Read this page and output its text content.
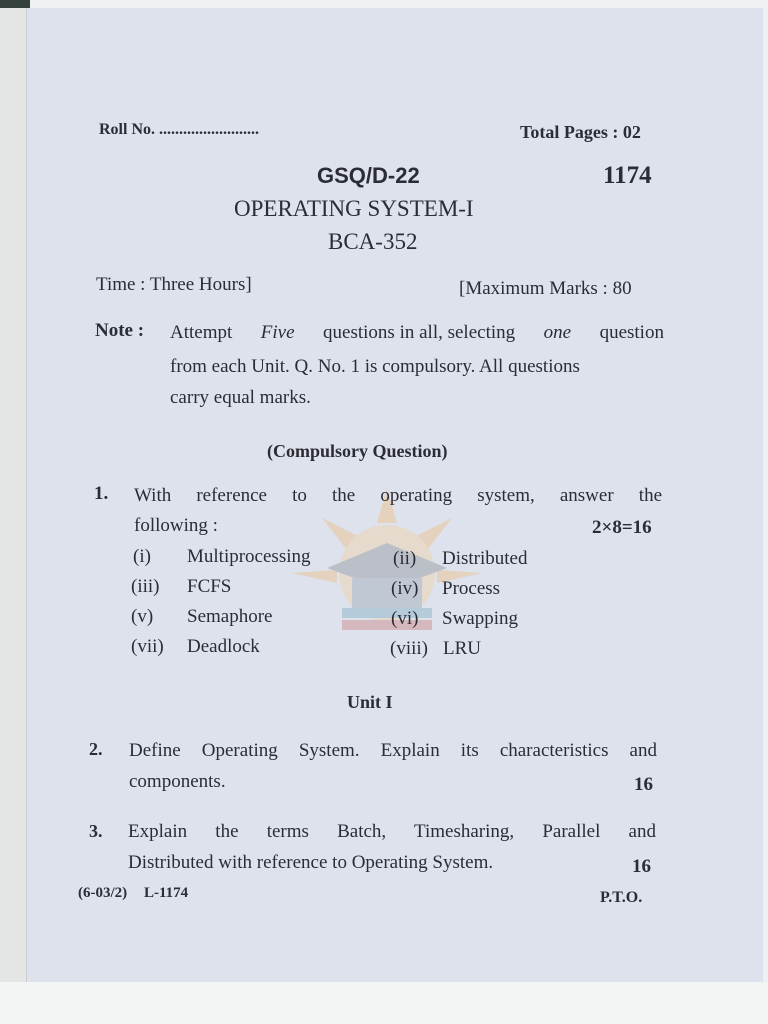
Roll No. .........................	Total Pages : 02
GSQ/D-22	1174
OPERATING SYSTEM-I
BCA-352
Time : Three Hours]	[Maximum Marks : 80
Note : Attempt Five questions in all, selecting one question
from each Unit. Q. No. 1 is compulsory. All questions
carry equal marks.
(Compulsory Question)
1. With reference to the operating system, answer the
following :	2×8=16
(i) Multiprocessing	(ii) Distributed
(iii) FCFS	(iv) Process
(v) Semaphore	(vi) Swapping
(vii) Deadlock	(viii) LRU
Unit I
2. Define Operating System. Explain its characteristics and
components.	16
3. Explain the terms Batch, Timesharing, Parallel and
Distributed with reference to Operating System.	16
(6-03/2) L-1174	P.T.O.
